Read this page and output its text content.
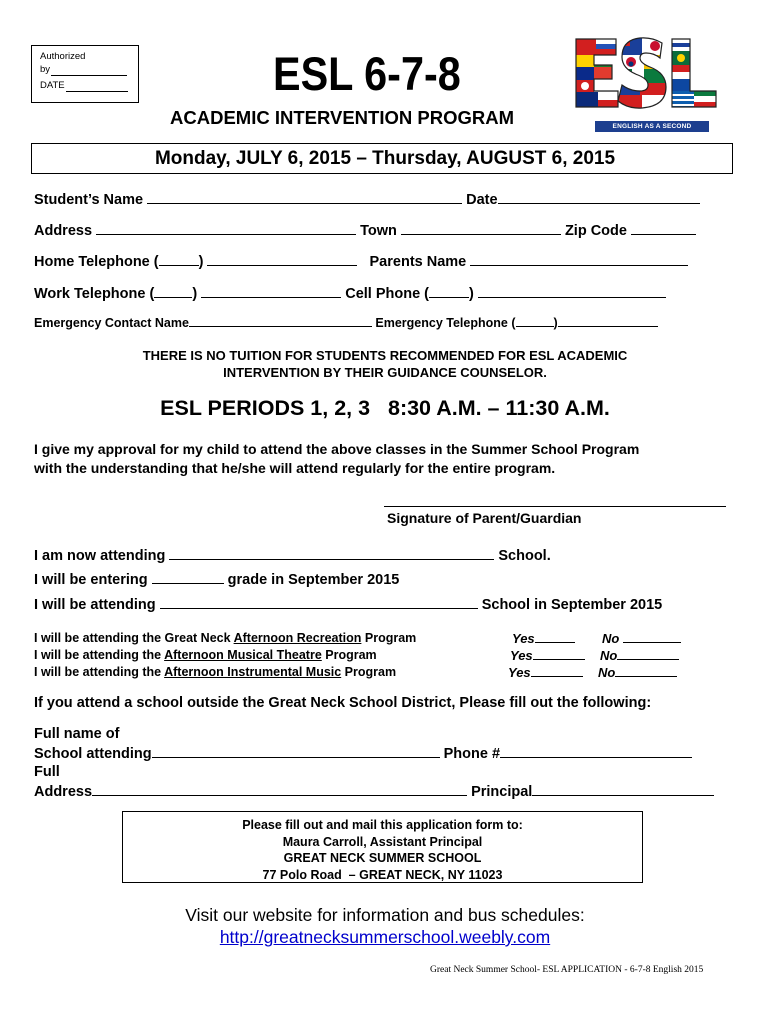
Authorized
by
DATE	ESL 6-7-8
ACADEMIC INTERVENTION PROGRAM
ESL
ENGLISH AS A SECOND LANGUAGE
Monday, JULY 6, 2015 – Thursday, AUGUST 6, 2015
Student’s Name	Date
Address	Town	Zip Code
Home Telephone (	)	Parents Name
Work Telephone (	)	Cell Phone (	)
Emergency Contact Name	Emergency Telephone (	)
THERE IS NO TUITION FOR STUDENTS RECOMMENDED FOR ESL ACADEMIC
INTERVENTION BY THEIR GUIDANCE COUNSELOR.
ESL PERIODS 1, 2, 3   8:30 A.M. – 11:30 A.M.
I give my approval for my child to attend the above classes in the Summer School Program
with the understanding that he/she will attend regularly for the entire program.
Signature of Parent/Guardian
I am now attending	School.
I will be entering	grade in September 2015
I will be attending	School in September 2015
I will be attending the Great Neck Afternoon Recreation Program	Yes	No
I will be attending the Afternoon Musical Theatre Program	Yes	No
I will be attending the Afternoon Instrumental Music Program	Yes	No
If you attend a school outside the Great Neck School District, Please fill out the following:
Full name of
School attending	Phone #
Full
Address	Principal
Please fill out and mail this application form to:
Maura Carroll, Assistant Principal
GREAT NECK SUMMER SCHOOL
77 Polo Road  – GREAT NECK, NY 11023
Visit our website for information and bus schedules:
http://greatnecksummerschool.weebly.com
Great Neck Summer School- ESL APPLICATION - 6-7-8 English 2015
